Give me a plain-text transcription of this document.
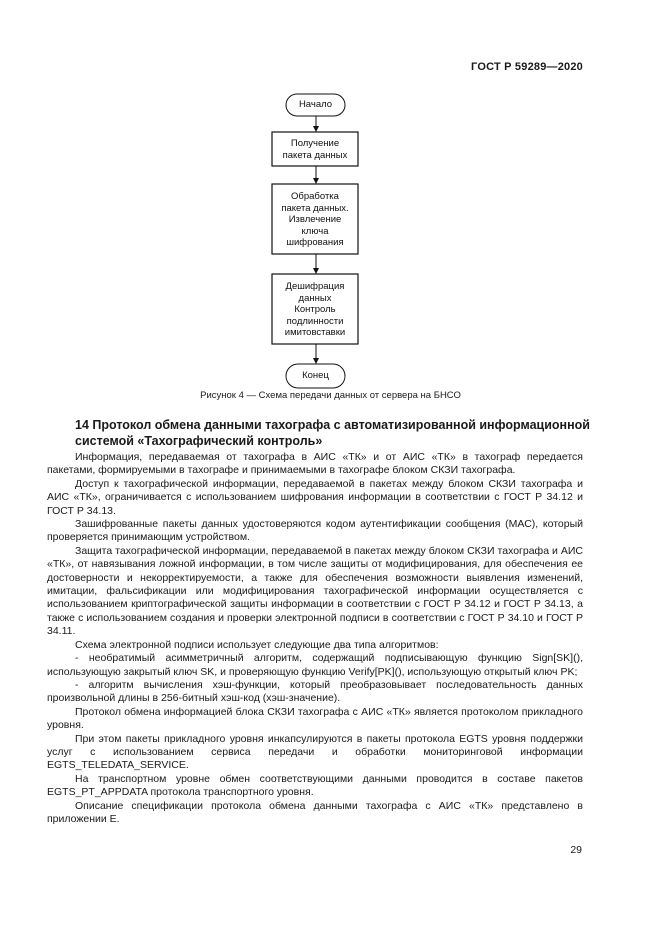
ГОСТ Р 59289—2020
Начало
Получение
пакета данных
Обработка
пакета данных.
Извлечение
ключа
шифрования
Дешифрация
данных
Контроль
подлинности
имитовставки
Конец
Рисунок 4 — Схема передачи данных от сервера на БНСО
14 Протокол обмена данными тахографа с автоматизированной информационной системой «Тахографический контроль»

Информация, передаваемая от тахографа в АИС «ТК» и от АИС «ТК» в тахограф передается пакетами, формируемыми в тахографе и принимаемыми в тахографе блоком СКЗИ тахографа.

Доступ к тахографической информации, передаваемой в пакетах между блоком СКЗИ тахографа и АИС «ТК», ограничивается с использованием шифрования информации в соответствии с ГОСТ Р 34.12 и ГОСТ Р 34.13.

Зашифрованные пакеты данных удостоверяются кодом аутентификации сообщения (МАС), который проверяется принимающим устройством.

Защита тахографической информации, передаваемой в пакетах между блоком СКЗИ тахографа и АИС «ТК», от навязывания ложной информации, в том числе защиты от модифицирования, для обеспечения ее достоверности и некорректируемости, а также для обеспечения возможности выявления изменений, имитации, фальсификации или модифицирования тахографической информации осуществляется с использованием криптографической защиты информации в соответствии с ГОСТ Р 34.12 и ГОСТ Р 34.13, а также с использованием создания и проверки электронной подписи в соответствии с ГОСТ Р 34.10 и ГОСТ Р 34.11.

Схема электронной подписи использует следующие два типа алгоритмов:

- необратимый асимметричный алгоритм, содержащий подписывающую функцию Sign[SK](), использующую закрытый ключ SK, и проверяющую функцию Verify[PK](), использующую открытый ключ PK;

- алгоритм вычисления хэш-функции, который преобразовывает последовательность данных произвольной длины в 256-битный хэш-код (хэш-значение).

Протокол обмена информацией блока СКЗИ тахографа с АИС «ТК» является протоколом прикладного уровня.

При этом пакеты прикладного уровня инкапсулируются в пакеты протокола EGTS уровня поддержки услуг с использованием сервиса передачи и обработки мониторинговой информации EGTS_TELEDATA_SERVICE.

На транспортном уровне обмен соответствующими данными проводится в составе пакетов EGTS_PT_APPDATA протокола транспортного уровня.

Описание спецификации протокола обмена данными тахографа с АИС «ТК» представлено в приложении Е.

29
